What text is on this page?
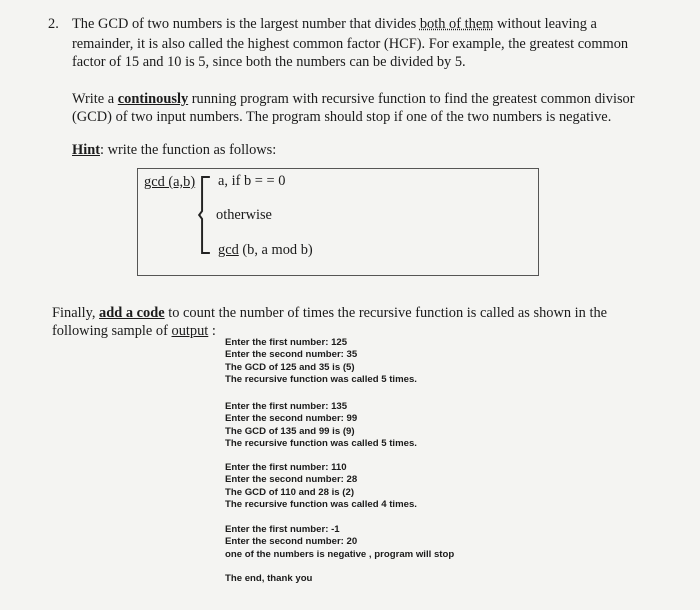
2. The GCD of two numbers is the largest number that divides both of them without leaving a
remainder, it is also called the highest common factor (HCF). For example, the greatest common
factor of 15 and 10 is 5, since both the numbers can be divided by 5.
Write a continously running program with recursive function to find the greatest common divisor
(GCD) of two input numbers. The program should stop if one of the two numbers is negative.
Hint: write the function as follows:
gcd (a,b) a, if b = = 0
otherwise
gcd (b, a mod b)
Finally, add a code to count the number of times the recursive function is called as shown in the
following sample of output :
Enter the first number: 125
Enter the second number: 35
The GCD of 125 and 35 is (5)
The recursive function was called 5 times.
Enter the first number: 135
Enter the second number: 99
The GCD of 135 and 99 is (9)
The recursive function was called 5 times.
Enter the first number: 110
Enter the second number: 28
The GCD of 110 and 28 is (2)
The recursive function was called 4 times.
Enter the first number: -1
Enter the second number: 20
one of the numbers is negative , program will stop
The end, thank you
